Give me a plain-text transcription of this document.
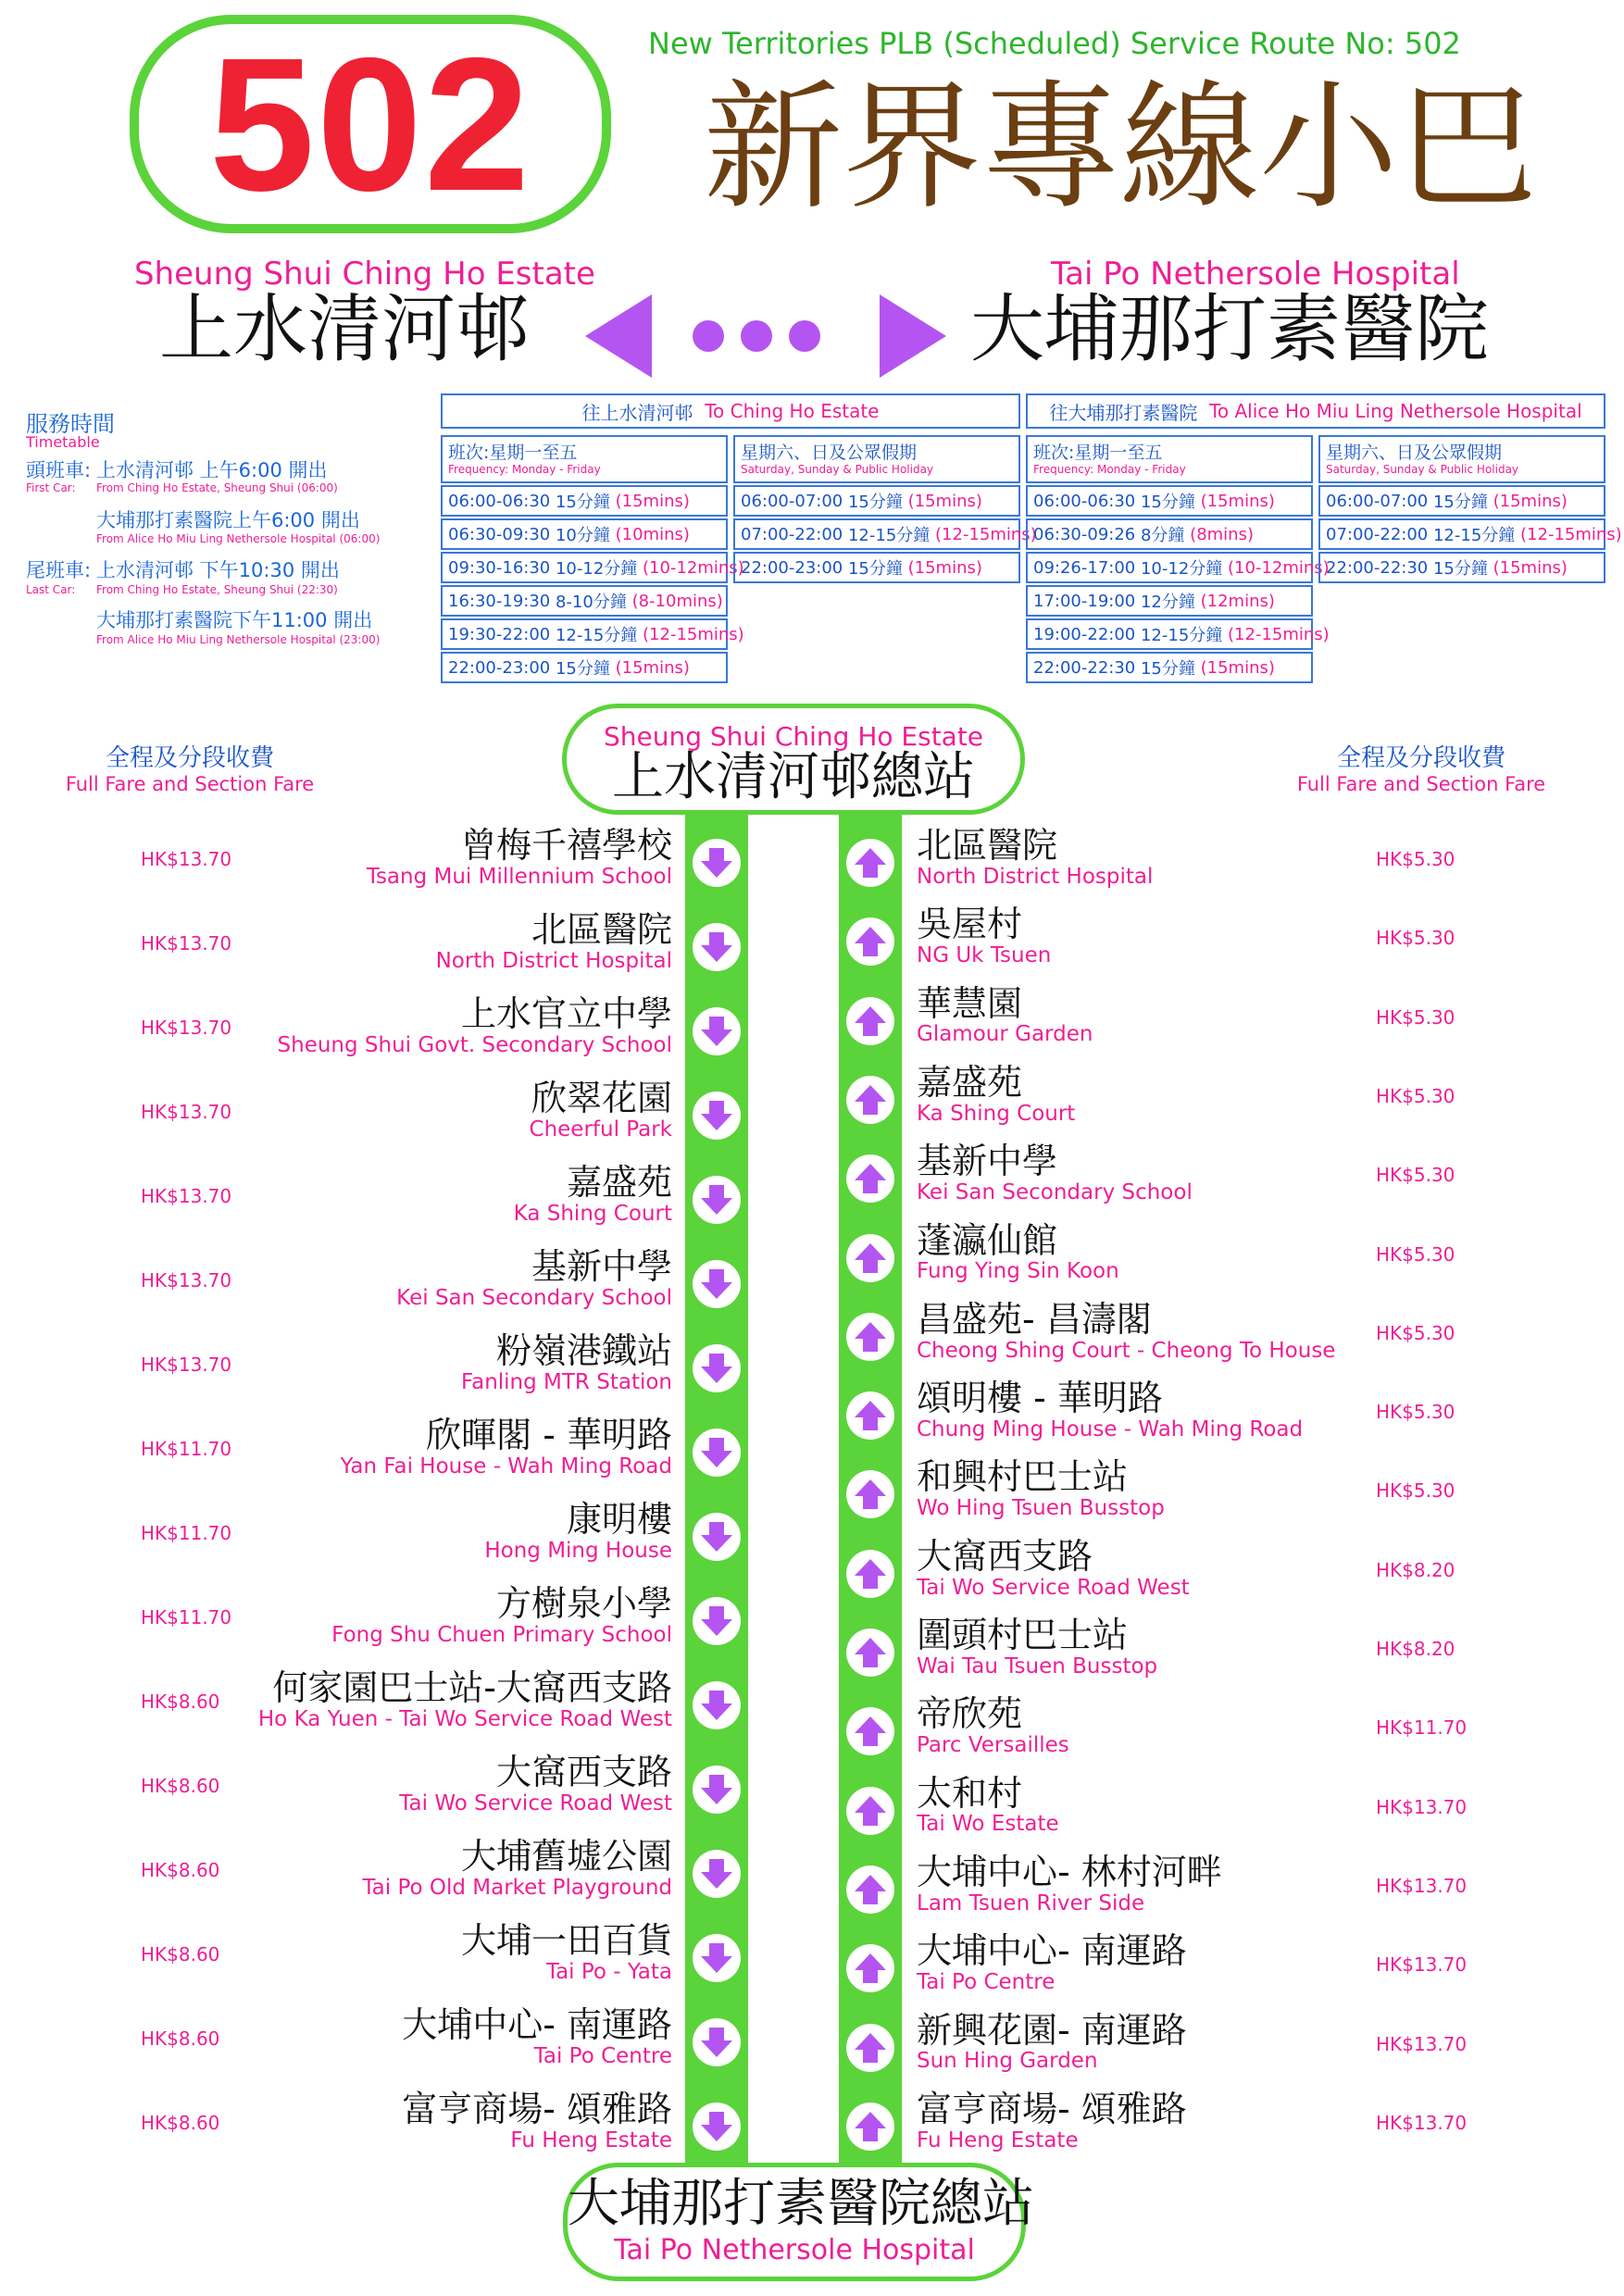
502	New Territories PLB (Scheduled) Service Route No: 502
新界專線小巴
Sheung Shui Ching Ho Estate
上水清河邨
Tai Po Nethersole Hospital
大埔那打素醫院
服務時間
Timetable
頭班車: 上水清河邨 上午6:00 開出
First Car: From Ching Ho Estate, Sheung Shui (06:00)
大埔那打素醫院上午6:00 開出
From Alice Ho Miu Ling Nethersole Hospital (06:00)
尾班車: 上水清河邨 下午10:30 開出
Last Car: From Ching Ho Estate, Sheung Shui (22:30)
大埔那打素醫院下午11:00 開出
From Alice Ho Miu Ling Nethersole Hospital (23:00)
往上水清河邨
To Ching Ho Estate
班次:星期一至五
Frequency: Monday - Friday
06:00-06:30
15分鐘
(15mins)
06:30-09:30
10分鐘
(10mins)
09:30-16:30
10-12分鐘
(10-12mins)
16:30-19:30
8-10分鐘
(8-10mins)
19:30-22:00
12-15分鐘
(12-15mins)
22:00-23:00
15分鐘
(15mins)
星期六、日及公眾假期
Saturday, Sunday & Public Holiday
06:00-07:00
15分鐘
(15mins)
07:00-22:00
12-15分鐘
(12-15mins)
22:00-23:00
15分鐘
(15mins)
往大埔那打素醫院
To Alice Ho Miu Ling Nethersole Hospital
班次:星期一至五
Frequency: Monday - Friday
06:00-06:30
15分鐘
(15mins)
06:30-09:26
8分鐘
(8mins)
09:26-17:00
10-12分鐘
(10-12mins)
17:00-19:00
12分鐘
(12mins)
19:00-22:00
12-15分鐘
(12-15mins)
22:00-22:30
15分鐘
(15mins)
星期六、日及公眾假期
Saturday, Sunday & Public Holiday
06:00-07:00
15分鐘
(15mins)
07:00-22:00
12-15分鐘
(12-15mins)
22:00-22:30
15分鐘
(15mins)
全程及分段收費
Full Fare and Section Fare
全程及分段收費
Full Fare and Section Fare
Sheung Shui Ching Ho Estate
上水清河邨總站
大埔那打素醫院總站
Tai Po Nethersole Hospital
曾梅千禧學校
Tsang Mui Millennium School
HK$13.70
北區醫院
North District Hospital
HK$13.70
上水官立中學
Sheung Shui Govt. Secondary School
HK$13.70
欣翠花園
Cheerful Park
HK$13.70
嘉盛苑
Ka Shing Court
HK$13.70
基新中學
Kei San Secondary School
HK$13.70
粉嶺港鐵站
Fanling MTR Station
HK$13.70
欣暉閣 - 華明路
Yan Fai House - Wah Ming Road
HK$11.70
康明樓
Hong Ming House
HK$11.70
方樹泉小學
Fong Shu Chuen Primary School
HK$11.70
何家園巴士站-大窩西支路
Ho Ka Yuen - Tai Wo Service Road West
HK$8.60
大窩西支路
Tai Wo Service Road West
HK$8.60
大埔舊墟公園
Tai Po Old Market Playground
HK$8.60
大埔一田百貨
Tai Po - Yata
HK$8.60
大埔中心- 南運路
Tai Po Centre
HK$8.60
富亨商場- 頌雅路
Fu Heng Estate
HK$8.60
北區醫院
North District Hospital
HK$5.30
吳屋村
NG Uk Tsuen
HK$5.30
華慧園
Glamour Garden
HK$5.30
嘉盛苑
Ka Shing Court
HK$5.30
基新中學
Kei San Secondary School
HK$5.30
蓬瀛仙館
Fung Ying Sin Koon
HK$5.30
昌盛苑- 昌濤閣
Cheong Shing Court - Cheong To House
HK$5.30
頌明樓 - 華明路
Chung Ming House - Wah Ming Road
HK$5.30
和興村巴士站
Wo Hing Tsuen Busstop
HK$5.30
大窩西支路
Tai Wo Service Road West
HK$8.20
圍頭村巴士站
Wai Tau Tsuen Busstop
HK$8.20
帝欣苑
Parc Versailles
HK$11.70
太和村
Tai Wo Estate
HK$13.70
大埔中心- 林村河畔
Lam Tsuen River Side
HK$13.70
大埔中心- 南運路
Tai Po Centre
HK$13.70
新興花園- 南運路
Sun Hing Garden
HK$13.70
富亨商場- 頌雅路
Fu Heng Estate
HK$13.70
